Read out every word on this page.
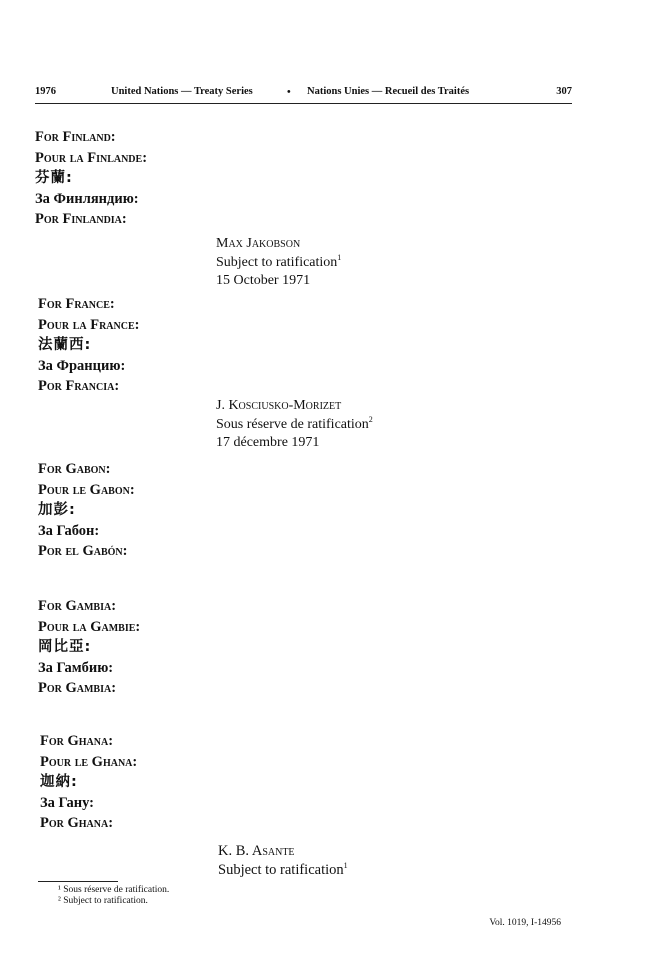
1976	United Nations — Treaty Series	• Nations Unies — Recueil des Traités	307
For Finland:
Pour la Finlande:
芬蘭:
За Финляндию:
Por Finlandia:
Max Jakobson
Subject to ratification$^1$
15 October 1971
For France:
Pour la France:
法蘭西:
За Францию:
Por Francia:
J. Kosciusko-Morizet
Sous réserve de ratification$^2$
17 décembre 1971
For Gabon:
Pour le Gabon:
加彭:
За Габон:
Por el Gabón:
For Gambia:
Pour la Gambie:
岡比亞:
За Гамбию:
Por Gambia:
For Ghana:
Pour le Ghana:
迦納:
За Гану:
Por Ghana:
K. B. Asante
Subject to ratification$^1$
¹ Sous réserve de ratification.
² Subject to ratification.
Vol. 1019, I-14956
